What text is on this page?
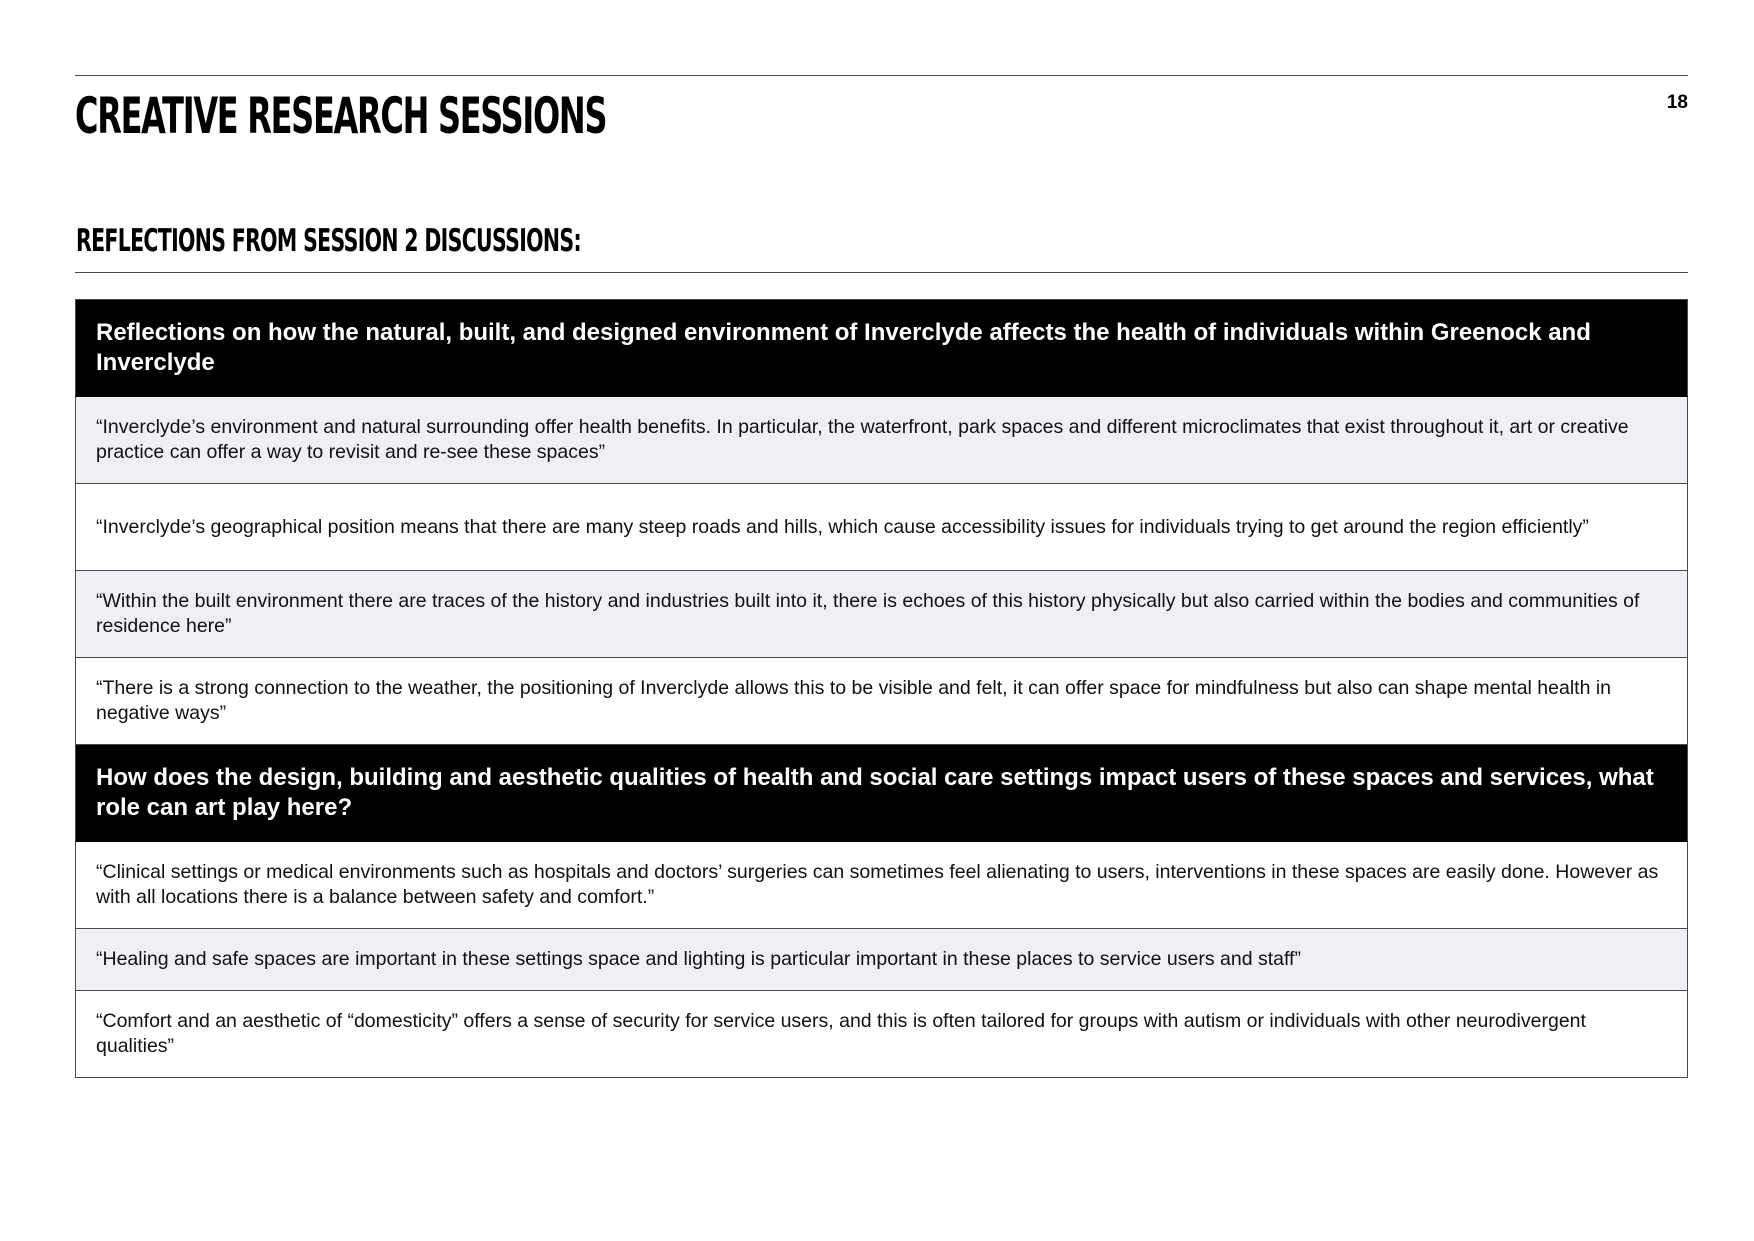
CREATIVE RESEARCH SESSIONS	18
REFLECTIONS FROM SESSION 2 DISCUSSIONS:
Reflections on how the natural, built, and designed environment of Inverclyde affects the health of individuals within Greenock and Inverclyde
“Inverclyde’s environment and natural surrounding offer health benefits. In particular, the waterfront, park spaces and different microclimates that exist throughout it, art or creative practice can offer a way to revisit and re-see these spaces”
“Inverclyde’s geographical position means that there are many steep roads and hills, which cause accessibility issues for individuals trying to get around the region efficiently”
“Within the built environment there are traces of the history and industries built into it, there is echoes of this history physically but also carried within the bodies and communities of residence here”
“There is a strong connection to the weather, the positioning of Inverclyde allows this to be visible and felt, it can offer space for mindfulness but also can shape mental health in negative ways”
How does the design, building and aesthetic qualities of health and social care settings impact users of these spaces and services, what role can art play here?
“Clinical settings or medical environments such as hospitals and doctors’ surgeries can sometimes feel alienating to users, interventions in these spaces are easily done. However as with all locations there is a balance between safety and comfort.”
“Healing and safe spaces are important in these settings space and lighting is particular important in these places to service users and staff”
“Comfort and an aesthetic of “domesticity” offers a sense of security for service users, and this is often tailored for groups with autism or individuals with other neurodivergent qualities”
